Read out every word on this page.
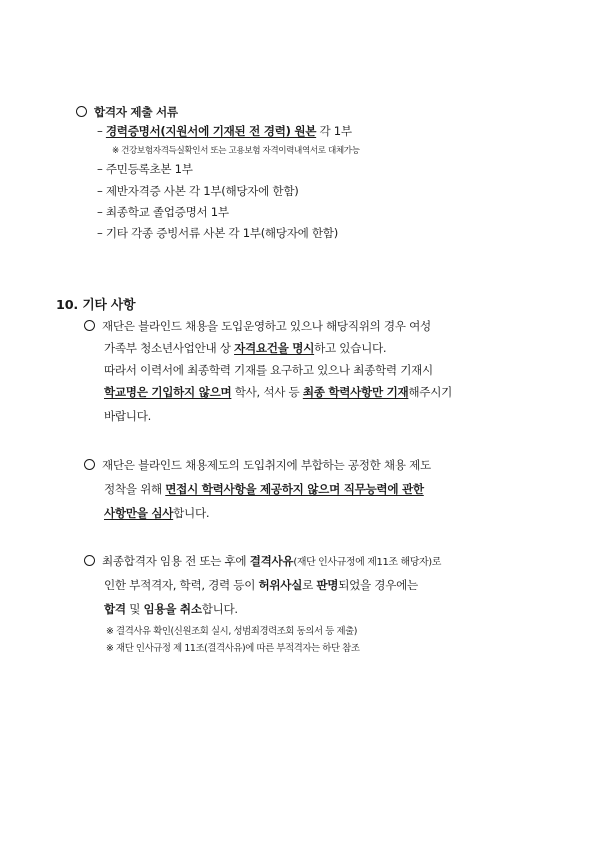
합격자 제출 서류
– 경력증명서(지원서에 기재된 전 경력) 원본 각 1부
※ 건강보험자격득실확인서 또는 고용보험 자격이력내역서로 대체가능
– 주민등록초본 1부
– 제반자격증 사본 각 1부(해당자에 한함)
– 최종학교 졸업증명서 1부
– 기타 각종 증빙서류 사본 각 1부(해당자에 한함)
10. 기타 사항
재단은 블라인드 채용을 도입운영하고 있으나 해당직위의 경우 여성
가족부 청소년사업안내 상 자격요건을 명시하고 있습니다.
따라서 이력서에 최종학력 기재를 요구하고 있으나 최종학력 기재시
학교명은 기입하지 않으며 학사, 석사 등 최종 학력사항만 기재해주시기
바랍니다.
재단은 블라인드 채용제도의 도입취지에 부합하는 공정한 채용 제도
정착을 위해 면접시 학력사항을 제공하지 않으며 직무능력에 관한
사항만을 심사합니다.
최종합격자 임용 전 또는 후에 결격사유(재단 인사규정에 제11조 해당자)로
인한 부적격자, 학력, 경력 등이 허위사실로 판명되었을 경우에는
합격 및 임용을 취소합니다.
※ 결격사유 확인(신원조회 실시, 성범죄경력조회 동의서 등 제출)
※ 재단 인사규정 제 11조(결격사유)에 따른 부적격자는 하단 참조
